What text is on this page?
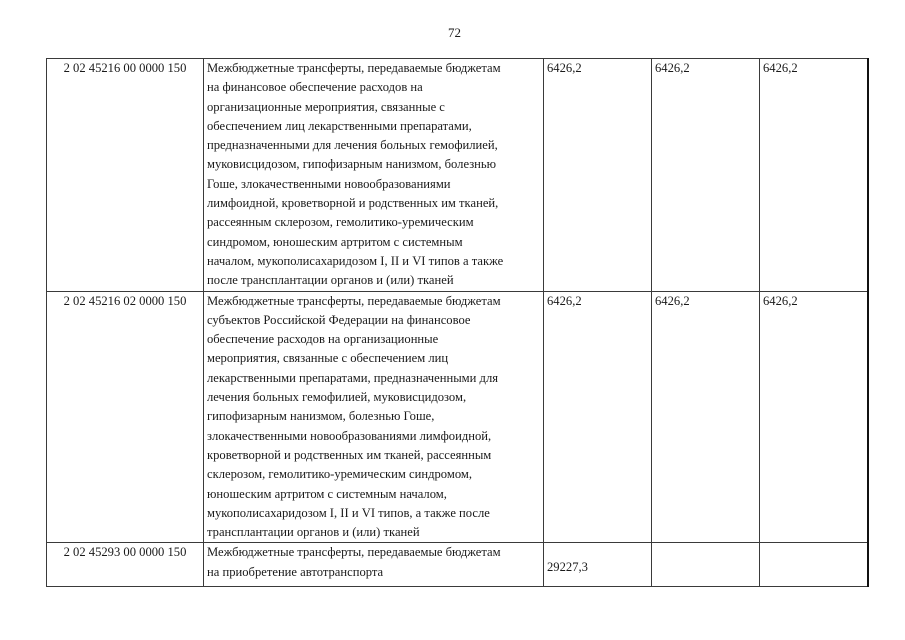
72
2 02 45216 00 0000 150	Межбюджетные трансферты, передаваемые бюджетам
на финансовое обеспечение расходов на
организационные мероприятия, связанные с
обеспечением лиц лекарственными препаратами,
предназначенными для лечения больных гемофилией,
муковисцидозом, гипофизарным нанизмом, болезнью
Гоше, злокачественными новообразованиями
лимфоидной, кроветворной и родственных им тканей,
рассеянным склерозом, гемолитико-уремическим
синдромом, юношеским артритом с системным
началом, мукополисахаридозом I, II и VI типов а также
после трансплантации органов и (или) тканей
	6426,2	6426,2	6426,2
2 02 45216 02 0000 150	Межбюджетные трансферты, передаваемые бюджетам
субъектов Российской Федерации на финансовое
обеспечение расходов на организационные
мероприятия, связанные с обеспечением лиц
лекарственными препаратами, предназначенными для
лечения больных гемофилией, муковисцидозом,
гипофизарным нанизмом, болезнью Гоше,
злокачественными новообразованиями лимфоидной,
кроветворной и родственных им тканей, рассеянным
склерозом, гемолитико-уремическим синдромом,
юношеским артритом с системным началом,
мукополисахаридозом I, II и VI типов, а также после
трансплантации органов и (или) тканей
	6426,2	6426,2	6426,2
2 02 45293 00 0000 150	Межбюджетные трансферты, передаваемые бюджетам
на приобретение автотранспорта	29227,3		
